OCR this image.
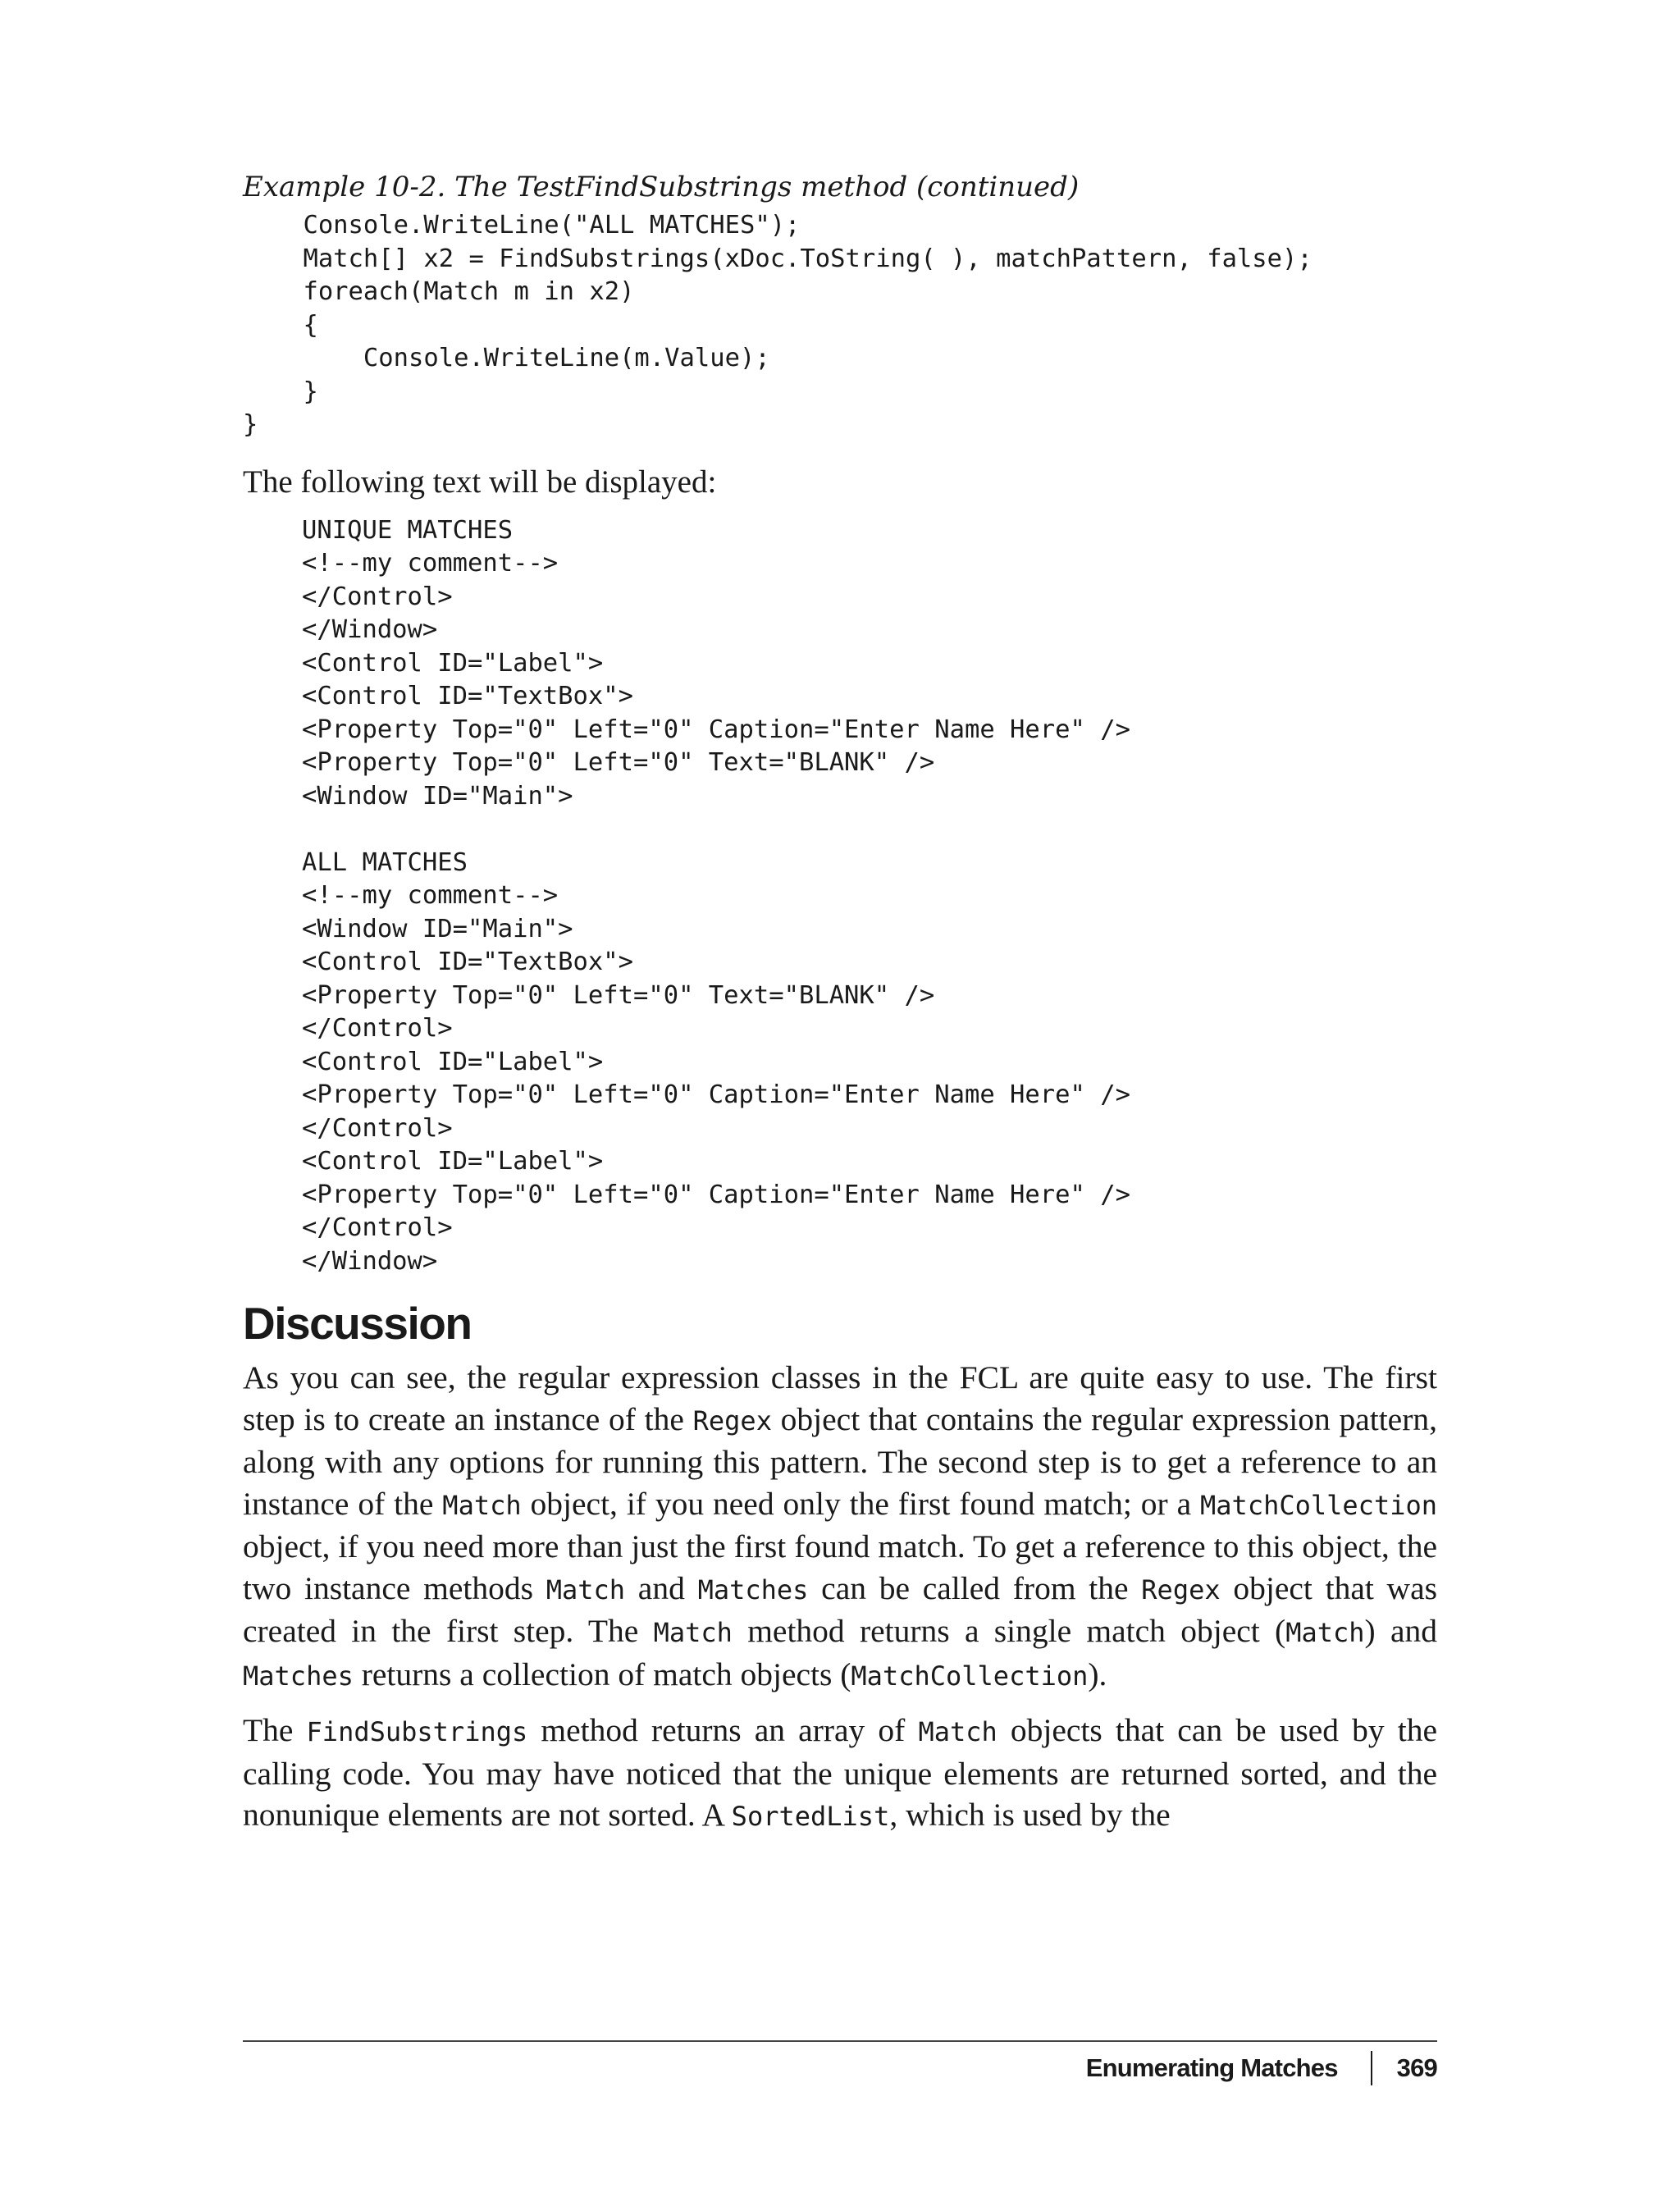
Example 10-2. The TestFindSubstrings method (continued)
Console.WriteLine("ALL MATCHES");
Match[] x2 = FindSubstrings(xDoc.ToString( ), matchPattern, false);
foreach(Match m in x2)
{
Console.WriteLine(m.Value);
}
}

The following text will be displayed:

UNIQUE MATCHES
<!--my comment-->
</Control>
</Window>
<Control ID="Label">
<Control ID="TextBox">
<Property Top="0" Left="0" Caption="Enter Name Here" />
<Property Top="0" Left="0" Text="BLANK" />
<Window ID="Main">

ALL MATCHES
<!--my comment-->
<Window ID="Main">
<Control ID="TextBox">
<Property Top="0" Left="0" Text="BLANK" />
</Control>
<Control ID="Label">
<Property Top="0" Left="0" Caption="Enter Name Here" />
</Control>
<Control ID="Label">
<Property Top="0" Left="0" Caption="Enter Name Here" />
</Control>
</Window>
Discussion

As you can see, the regular expression classes in the FCL are quite easy to use. The first step is to create an instance of the Regex object that contains the regular expression pattern, along with any options for running this pattern. The second step is to get a reference to an instance of the Match object, if you need only the first found match; or a MatchCollection object, if you need more than just the first found match. To get a reference to this object, the two instance methods Match and Matches can be called from the Regex object that was created in the first step. The Match method returns a single match object (Match) and Matches returns a collection of match objects (MatchCollection).

The FindSubstrings method returns an array of Match objects that can be used by the calling code. You may have noticed that the unique elements are returned sorted, and the nonunique elements are not sorted. A SortedList, which is used by the

Enumerating Matches 369
